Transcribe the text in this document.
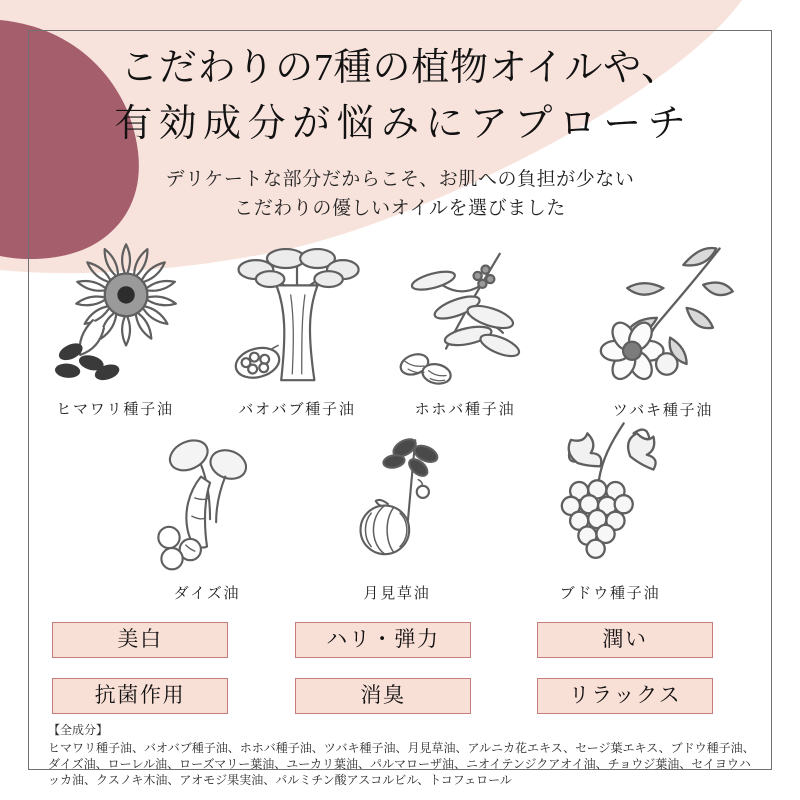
こだわりの7種の植物オイルや、
有効成分が悩みにアプローチ
デリケートな部分だからこそ、お肌への負担が少ない
こだわりの優しいオイルを選びました
ヒマワリ種子油	バオバブ種子油	ホホバ種子油	ツバキ種子油
ダイズ油	月見草油	ブドウ種子油
美白	ハリ・弾力	潤い
抗菌作用	消臭	リラックス
【全成分】
ヒマワリ種子油、バオバブ種子油、ホホバ種子油、ツバキ種子油、月見草油、アルニカ花エキス、セージ葉エキス、ブドウ種子油、ダイズ油、ローレル油、ローズマリー葉油、ユーカリ葉油、パルマローザ油、ニオイテンジクアオイ油、チョウジ葉油、セイヨウハッカ油、クスノキ木油、アオモジ果実油、パルミチン酸アスコルビル、トコフェロール
